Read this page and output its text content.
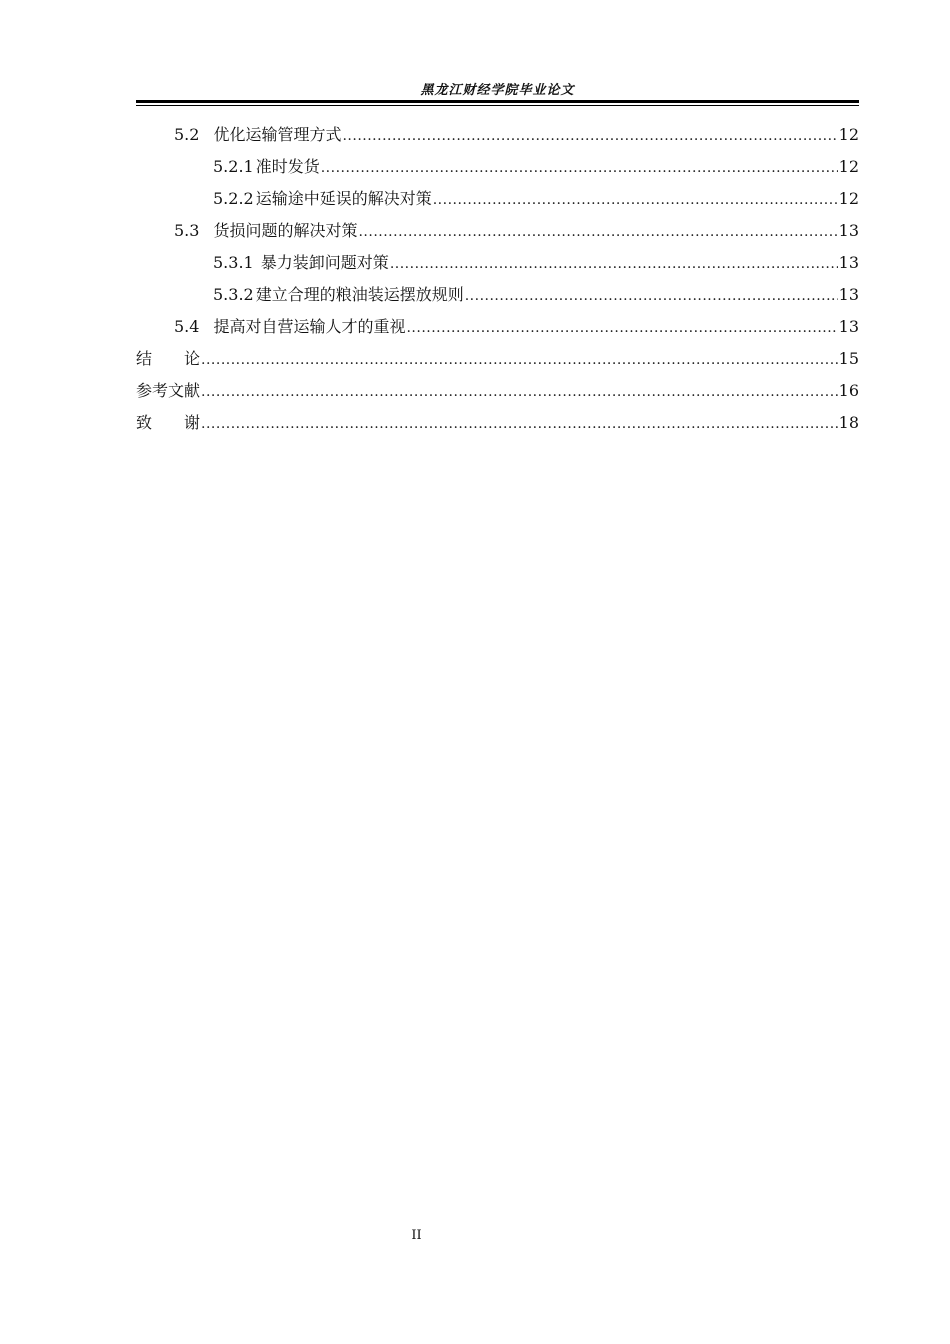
黑龙江财经学院毕业论文
5.2 优化运输管理方式 .....	12
5.2.1 准时发货 .....	12
5.2.2 运输途中延误的解决对策 .....	12
5.3 货损问题的解决对策 .....	13
5.3.1 暴力装卸问题对策 .....	13
5.3.2 建立合理的粮油装运摆放规则 .....	13
5.4 提高对自营运输人才的重视 .....	13
结　　论 .....	15
参考文献 .....	16
致　　谢 .....	18
II
